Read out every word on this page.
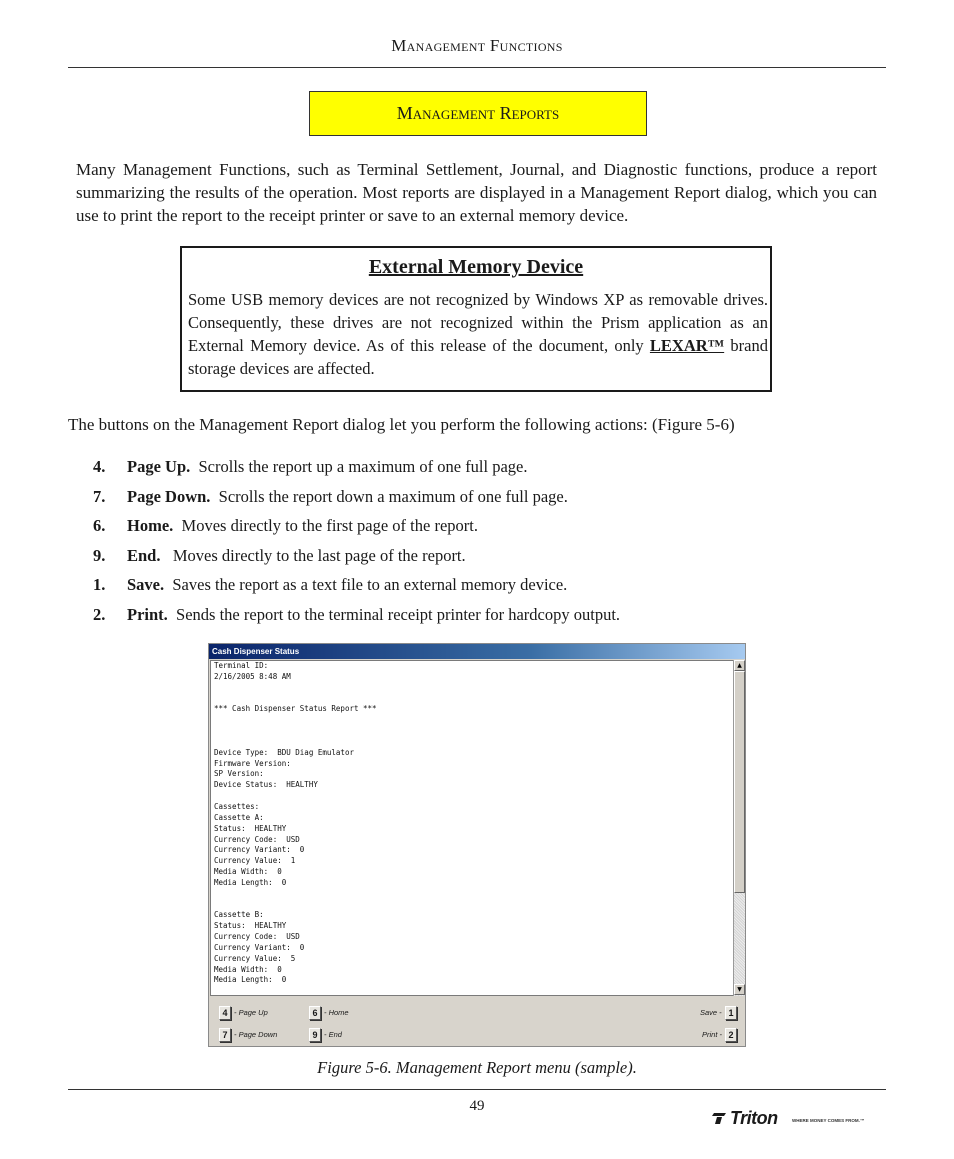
Management Functions
Management Reports
Many Management Functions, such as Terminal Settlement, Journal, and Diagnostic functions, produce a report summarizing the results of the operation. Most reports are displayed in a Management Report dialog, which you can use to print the report to the receipt printer or save to an external memory device.
External Memory Device
Some USB memory devices are not recognized by Windows XP as removable drives. Consequently, these drives are not recognized within the Prism application as an External Memory device. As of this release of the document, only LEXAR™ brand storage devices are affected.
The buttons on the Management Report dialog let you perform the following actions: (Figure 5-6)
4. Page Up. Scrolls the report up a maximum of one full page.
7. Page Down. Scrolls the report down a maximum of one full page.
6. Home. Moves directly to the first page of the report.
9. End. Moves directly to the last page of the report.
1. Save. Saves the report as a text file to an external memory device.
2. Print. Sends the report to the terminal receipt printer for hardcopy output.
Cash Dispenser Status
Terminal ID:
2/16/2005 8:48 AM

*** Cash Dispenser Status Report ***

Device Type:  BDU Diag Emulator
Firmware Version:
SP Version:
Device Status:  HEALTHY

Cassettes:
Cassette A:
Status:  HEALTHY
Currency Code:  USD
Currency Variant:  0
Currency Value:  1
Media Width:  0
Media Length:  0

Cassette B:
Status:  HEALTHY
Currency Code:  USD
Currency Variant:  0
Currency Value:  5
Media Width:  0
Media Length:  0
▲
▼
4 - Page Up
7 - Page Down
6 - Home
9 - End
Save - 1
Print - 2
Figure 5-6. Management Report menu (sample).
49
Triton	WHERE MONEY COMES FROM.™
